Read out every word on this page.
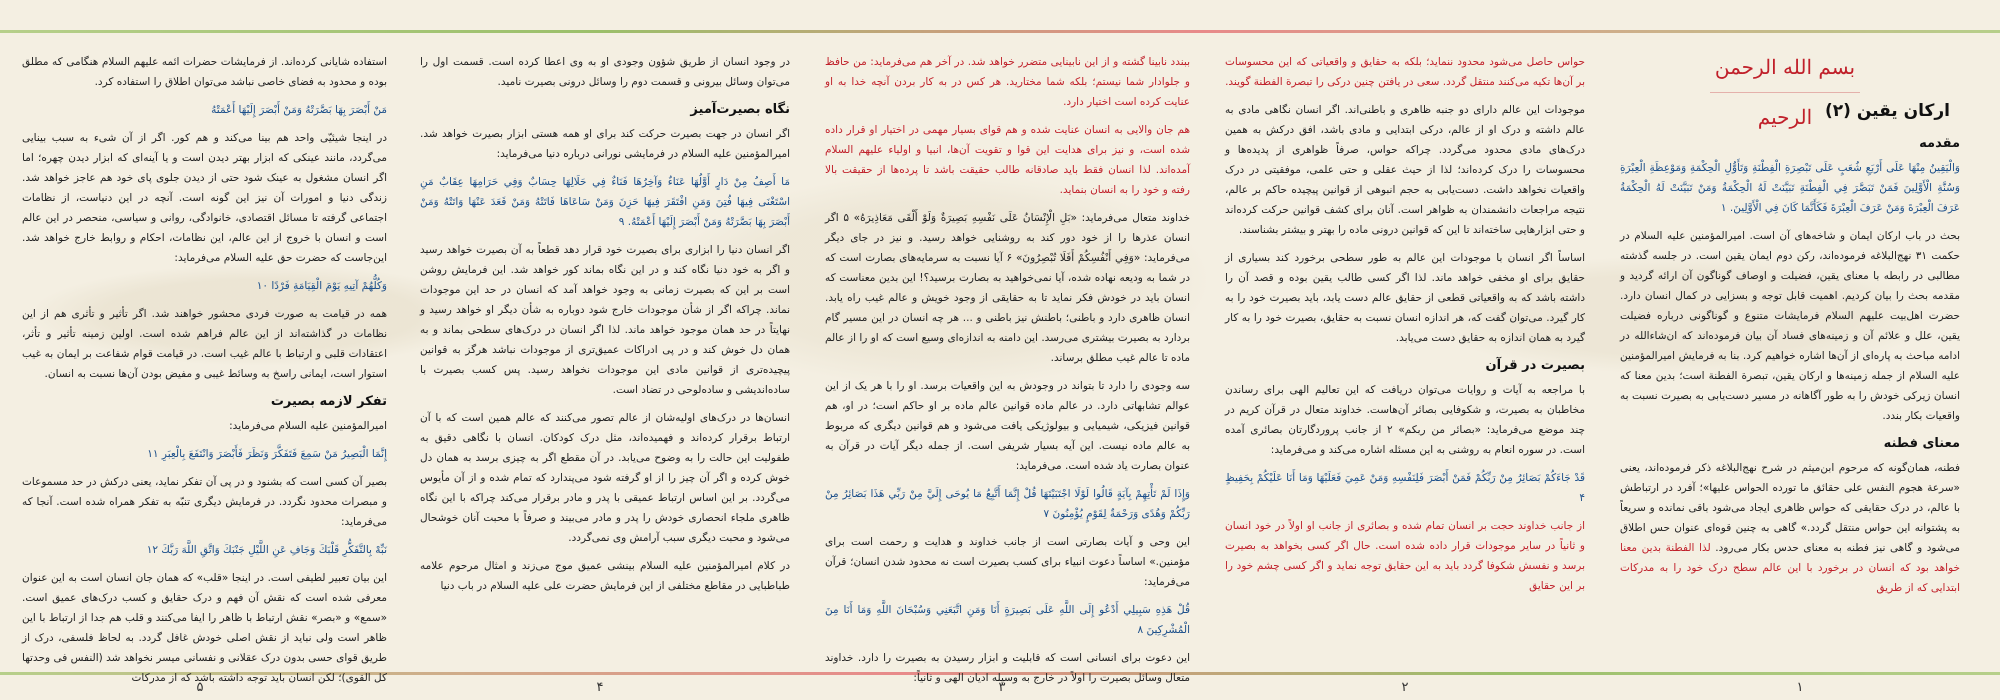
بسم الله الرحمن الرحيم ارکان یقین (۲)
مقدمه

وَالْيَقِينُ مِنْهَا عَلَى أَرْبَعِ شُعَبٍ عَلَى تَبْصِرَةِ الْفِطْنَةِ وَتَأَوُّلِ الْحِكْمَةِ وَمَوْعِظَةِ الْعِبْرَةِ وَسُنَّةِ الْأَوَّلِينَ فَمَنْ تَبَصَّرَ فِي الْفِطْنَةِ تَبَيَّنَتْ لَهُ الْحِكْمَةُ وَمَنْ تَبَيَّنَتْ لَهُ الْحِكْمَةُ عَرَفَ الْعِبْرَةَ وَمَنْ عَرَفَ الْعِبْرَةَ فَكَأَنَّمَا كَانَ فِي الْأَوَّلِينَ. ۱

بحث در باب ارکان ایمان و شاخه‌های آن است. امیرالمؤمنین علیه السلام در حکمت ۳۱ نهج‌البلاغه فرموده‌اند، رکن دوم ایمان یقین است. در جلسه گذشته مطالبی در رابطه با معنای یقین، فضیلت و اوصاف گوناگون آن ارائه گردید و مقدمه بحث را بیان کردیم. اهمیت قابل توجه و بسزایی در کمال انسان دارد. حضرت اهل‌بیت علیهم السلام فرمایشات متنوع و گوناگونی درباره فضیلت یقین، علل و علائم آن و زمینه‌های فساد آن بیان فرموده‌اند که ان‌شاءالله در ادامه مباحث به پاره‌ای از آن‌ها اشاره خواهیم کرد. بنا به فرمایش امیرالمؤمنین علیه السلام از جمله زمینه‌ها و ارکان یقین، تبصرة الفطنة است؛ بدین معنا که انسان زیرکی خودش را به طور آگاهانه در مسیر دست‌یابی به بصیرت نسبت به واقعیات بکار بندد.

معنای فطنه

فطنه، همان‌گونه که مرحوم ابن‌میثم در شرح نهج‌البلاغه ذکر فرموده‌اند، یعنی «سرعة هجوم النفس علی حقائق ما تورده الحواس علیها»؛ آفرد در ارتباطش با عالم، در درک حقایقی که حواس ظاهری ایجاد می‌شود باقی نمانده و سریعاً به پشتوانه این حواس منتقل گردد.» گاهی به چنین قوه‌ای عنوان حس اطلاق می‌شود و گاهی نیز فطنه به معنای حدس بکار می‌رود. لذا الفطنة بدین معنا خواهد بود که انسان در برخورد با این عالم سطح درک خود را به مدرکات ابتدایی که از طریق

حواس حاصل می‌شود محدود ننماید؛ بلکه به حقایق و واقعیاتی که این محسوسات بر آن‌ها تکیه می‌کنند منتقل گردد. سعی در یافتن چنین درکی را تبصرة الفطنة گویند.

موجودات این عالم دارای دو جنبه ظاهری و باطنی‌اند. اگر انسان نگاهی مادی به عالم داشته و درک او از عالم، درکی ابتدایی و مادی باشد، افق درکش به همین درک‌های مادی محدود می‌گردد. چراکه حواس، صرفاً ظواهری از پدیده‌ها و محسوسات را درک کرده‌اند؛ لذا از حیث عقلی و حتی علمی، موفقیتی در درک واقعیات نخواهد داشت. دست‌یابی به حجم انبوهی از قوانین پیچیده حاکم بر عالم، نتیجه مراجعات دانشمندان به ظواهر است. آنان برای کشف قوانین حرکت کرده‌اند و حتی ابزارهایی ساخته‌اند تا این که قوانین درونی ماده را بهتر و بیشتر بشناسند.

اساساً اگر انسان با موجودات این عالم به طور سطحی برخورد کند بسیاری از حقایق برای او مخفی خواهد ماند. لذا اگر کسی طالب یقین بوده و قصد آن را داشته باشد که به واقعیاتی قطعی از حقایق عالم دست یابد، باید بصیرت خود را به کار گیرد. می‌توان گفت که، هر اندازه انسان نسبت به حقایق، بصیرت خود را به کار گیرد به همان اندازه به حقایق دست می‌یابد.

بصیرت در قرآن

با مراجعه به آیات و روایات می‌توان دریافت که این تعالیم الهی برای رساندن مخاطبان به بصیرت، و شکوفایی بصائر آن‌هاست. خداوند متعال در قرآن کریم در چند موضع می‌فرماید: «بصائر من ربکم» ۲ از جانب پروردگارتان بصائری آمده است. در سوره انعام به روشنی به این مسئله اشاره می‌کند و می‌فرماید:

قَدْ جَاءَكُمْ بَصَائِرُ مِنْ رَبِّكُمْ فَمَنْ أَبْصَرَ فَلِنَفْسِهِ وَمَنْ عَمِيَ فَعَلَيْهَا وَمَا أَنَا عَلَيْكُمْ بِحَفِيظٍ ۴

از جانب خداوند حجت بر انسان تمام شده و بصائری از جانب او اولاً در خود انسان و ثانیاً در سایر موجودات قرار داده شده است. حال اگر کسی بخواهد به بصیرت برسد و نفسش شکوفا گردد باید به این حقایق توجه نماید و اگر کسی چشم خود را بر این حقایق

ببندد نابینا گشته و از این نابینایی متضرر خواهد شد. در آخر هم می‌فرماید: من حافظ و جلوادار شما نیستم؛ بلکه شما مختارید. هر کس در به کار بردن آنچه خدا به او عنایت کرده است اختیار دارد.

هم جان والایی به انسان عنایت شده و هم قوای بسیار مهمی در اختیار او قرار داده شده است، و نیز برای هدایت این قوا و تقویت آن‌ها، انبیا و اولیاء علیهم السلام آمده‌اند. لذا انسان فقط باید صادقانه طالب حقیقت باشد تا پرده‌ها از حقیقت بالا رفته و خود را به انسان بنماید.

خداوند متعال می‌فرماید: «بَلِ الْإِنْسَانُ عَلَى نَفْسِهِ بَصِيرَةٌ وَلَوْ أَلْقَى مَعَاذِيرَهُ» ۵ اگر انسان عذرها را از خود دور کند به روشنایی خواهد رسید. و نیز در جای دیگر می‌فرماید: «وَفِي أَنْفُسِكُمْ أَفَلَا تُبْصِرُونَ» ۶ آیا نسبت به سرمایه‌های بصارت است که در شما به ودیعه نهاده شده، آیا نمی‌خواهید به بصارت برسید؟! این بدین معناست که انسان باید در خودش فکر نماید تا به حقایقی از وجود خویش و عالم غیب راه یابد. انسان ظاهری دارد و باطنی؛ باطنش نیز باطنی و ... هر چه انسان در این مسیر گام بردارد به بصیرت بیشتری می‌رسد. این دامنه به اندازه‌ای وسیع است که او را از عالم ماده تا عالم غیب مطلق برساند.

سه وجودی را دارد تا بتواند در وجودش به این واقعیات برسد. او را با هر یک از این عوالم تشابهاتی دارد. در عالم ماده قوانین عالم ماده بر او حاکم است؛ در او، هم قوانین فیزیکی، شیمیایی و بیولوژیکی یافت می‌شود و هم قوانین دیگری که مربوط به عالم ماده نیست. این آیه بسیار شریفی است. از جمله دیگر آیات در قرآن به عنوان بصارت یاد شده است. می‌فرماید:

وَإِذَا لَمْ تَأْتِهِمْ بِآيَةٍ قَالُوا لَوْلَا اجْتَبَيْتَهَا قُلْ إِنَّمَا أَتَّبِعُ مَا يُوحَى إِلَيَّ مِنْ رَبِّي هَذَا بَصَائِرُ مِنْ رَبِّكُمْ وَهُدًى وَرَحْمَةٌ لِقَوْمٍ يُؤْمِنُونَ ۷

این وحی و آیات بصارتی است از جانب خداوند و هدایت و رحمت است برای مؤمنین.» اساساً دعوت انبیاء برای کسب بصیرت است نه محدود شدن انسان؛ قرآن می‌فرماید:

قُلْ هَذِهِ سَبِيلِي أَدْعُو إِلَى اللَّهِ عَلَى بَصِيرَةٍ أَنَا وَمَنِ اتَّبَعَنِي وَسُبْحَانَ اللَّهِ وَمَا أَنَا مِنَ الْمُشْرِكِينَ ۸

این دعوت برای انسانی است که قابلیت و ابزار رسیدن به بصیرت را دارد. خداوند متعال وسائل بصیرت را اولاً در خارج به وسیله ادیان الهی و ثانیاً:

در وجود انسان از طریق شؤون وجودی او به وی اعطا کرده است. قسمت اول را می‌توان وسائل بیرونی و قسمت دوم را وسائل درونی بصیرت نامید.

نگاه بصیرت‌آمیز

اگر انسان در جهت بصیرت حرکت کند برای او همه هستی ابزار بصیرت خواهد شد. امیرالمؤمنین علیه السلام در فرمایشی نورانی درباره دنیا می‌فرماید:

مَا أَصِفُ مِنْ دَارٍ أَوَّلُهَا عَنَاءٌ وَآخِرُهَا فَنَاءٌ فِي حَلَالِهَا حِسَابٌ وَفِي حَرَامِهَا عِقَابٌ مَنِ اسْتَغْنَى فِيهَا فُتِنَ وَمَنِ افْتَقَرَ فِيهَا حَزِنَ وَمَنْ سَاعَاهَا فَاتَتْهُ وَمَنْ قَعَدَ عَنْهَا وَاتَتْهُ وَمَنْ أَبْصَرَ بِهَا بَصَّرَتْهُ وَمَنْ أَبْصَرَ إِلَيْهَا أَعْمَتْهُ. ۹

اگر انسان دنیا را ابزاری برای بصیرت خود قرار دهد قطعاً به آن بصیرت خواهد رسید و اگر به خود دنیا نگاه کند و در این نگاه بماند کور خواهد شد. این فرمایش روشن است بر این که بصیرت زمانی به وجود خواهد آمد که انسان در حد این موجودات نماند. چراکه اگر از شأن موجودات خارج شود دوباره به شأن دیگر او خواهد رسید و نهایتاً در حد همان موجود خواهد ماند. لذا اگر انسان در درک‌های سطحی بماند و به همان دل خوش کند و در پی ادراکات عمیق‌تری از موجودات نباشد هرگز به قوانین پیچیده‌تری از قوانین مادی این موجودات نخواهد رسید. پس کسب بصیرت با ساده‌اندیشی و ساده‌لوحی در تضاد است.

انسان‌ها در درک‌های اولیه‌شان از عالم تصور می‌کنند که عالم همین است که با آن ارتباط برقرار کرده‌اند و فهمیده‌اند، مثل درک کودکان. انسان با نگاهی دقیق به طفولیت این حالت را به وضوح می‌یابد. در آن مقطع اگر به چیزی برسد به همان دل خوش کرده و اگر آن چیز را از او گرفته شود می‌پندارد که تمام شده و از آن مأیوس می‌گردد. بر این اساس ارتباط عمیقی با پدر و مادر برقرار می‌کند چراکه با این نگاه ظاهری ملجاء انحصاری خودش را پدر و مادر می‌بیند و صرفاً با محبت آنان خوشحال می‌شود و محبت دیگری سبب آرامش وی نمی‌گردد.

در کلام امیرالمؤمنین علیه السلام بینشی عمیق موج می‌زند و امثال مرحوم علامه طباطبایی در مقاطع مختلفی از این فرمایش حضرت علی علیه السلام در باب دنیا

استفاده شایانی کرده‌اند. از فرمایشات حضرات ائمه علیهم السلام هنگامی که مطلق بوده و محدود به فضای خاصی نباشد می‌توان اطلاق را استفاده کرد.

مَنْ أَبْصَرَ بِهَا بَصَّرَتْهُ وَمَنْ أَبْصَرَ إِلَيْهَا أَعْمَتْهُ

در اینجا شیئیّی واحد هم بینا می‌کند و هم کور. اگر از آن شیء به سبب بینایی می‌گردد، مانند عینکی که ابزار بهتر دیدن است و یا آینه‌ای که ابزار دیدن چهره؛ اما اگر انسان مشغول به عینک شود حتی از دیدن جلوی پای خود هم عاجز خواهد شد. زندگی دنیا و امورات آن نیز این گونه است. آنچه در این دنیاست، از نظامات اجتماعی گرفته تا مسائل اقتصادی، خانوادگی، روانی و سیاسی، منحصر در این عالم است و انسان با خروج از این عالم، این نظامات، احکام و روابط خارج خواهد شد. این‌جاست که حضرت حق علیه السلام می‌فرماید:

وَكُلُّهُمْ آتِيهِ يَوْمَ الْقِيَامَةِ فَرْدًا ۱۰

همه در قیامت به صورت فردی محشور خواهند شد. اگر تأثیر و تأثری هم از این نظامات در گذاشته‌اند از این عالم فراهم شده است. اولین زمینه تأثیر و تأثر، اعتقادات قلبی و ارتباط با عالم غیب است. در قیامت قوام شفاعت بر ایمان به غیب استوار است، ایمانی راسخ به وسائط غیبی و مفیض بودن آن‌ها نسبت به انسان.

تفکر لازمه بصیرت

امیرالمؤمنین علیه السلام می‌فرماید:

إِنَّمَا الْبَصِيرُ مَنْ سَمِعَ فَتَفَكَّرَ وَنَظَرَ فَأَبْصَرَ وَانْتَفَعَ بِالْعِبَرِ ۱۱

بصیر آن کسی است که بشنود و در پی آن تفکر نماید، یعنی درکش در حد مسموعات و مبصرات محدود نگردد. در فرمایش دیگری تنبّه به تفکر همراه شده است. آنجا که می‌فرماید:

نَبِّهْ بِالتَّفَكُّرِ قَلْبَكَ وَجَافِ عَنِ اللَّيْلِ جَنْبَكَ وَاتَّقِ اللَّهَ رَبَّكَ ۱۲

این بیان تعبیر لطیفی است. در اینجا «قلب» که همان جان انسان است به این عنوان معرفی شده است که نقش آن فهم و درک حقایق و کسب درک‌های عمیق است. «سمع» و «بصر» نقش ارتباط با ظاهر را ایفا می‌کنند و قلب هم جدا از ارتباط با این ظاهر است ولی نباید از نقش اصلی خودش غافل گردد. به لحاظ فلسفی، درک از طریق قوای حسی بدون درک عقلانی و نفسانی میسر نخواهد شد (النفس فی وحدتها کل القوی)؛ لکن انسان باید توجه داشته باشد که از مدرکات

۱
۲
۳
۴
۵
